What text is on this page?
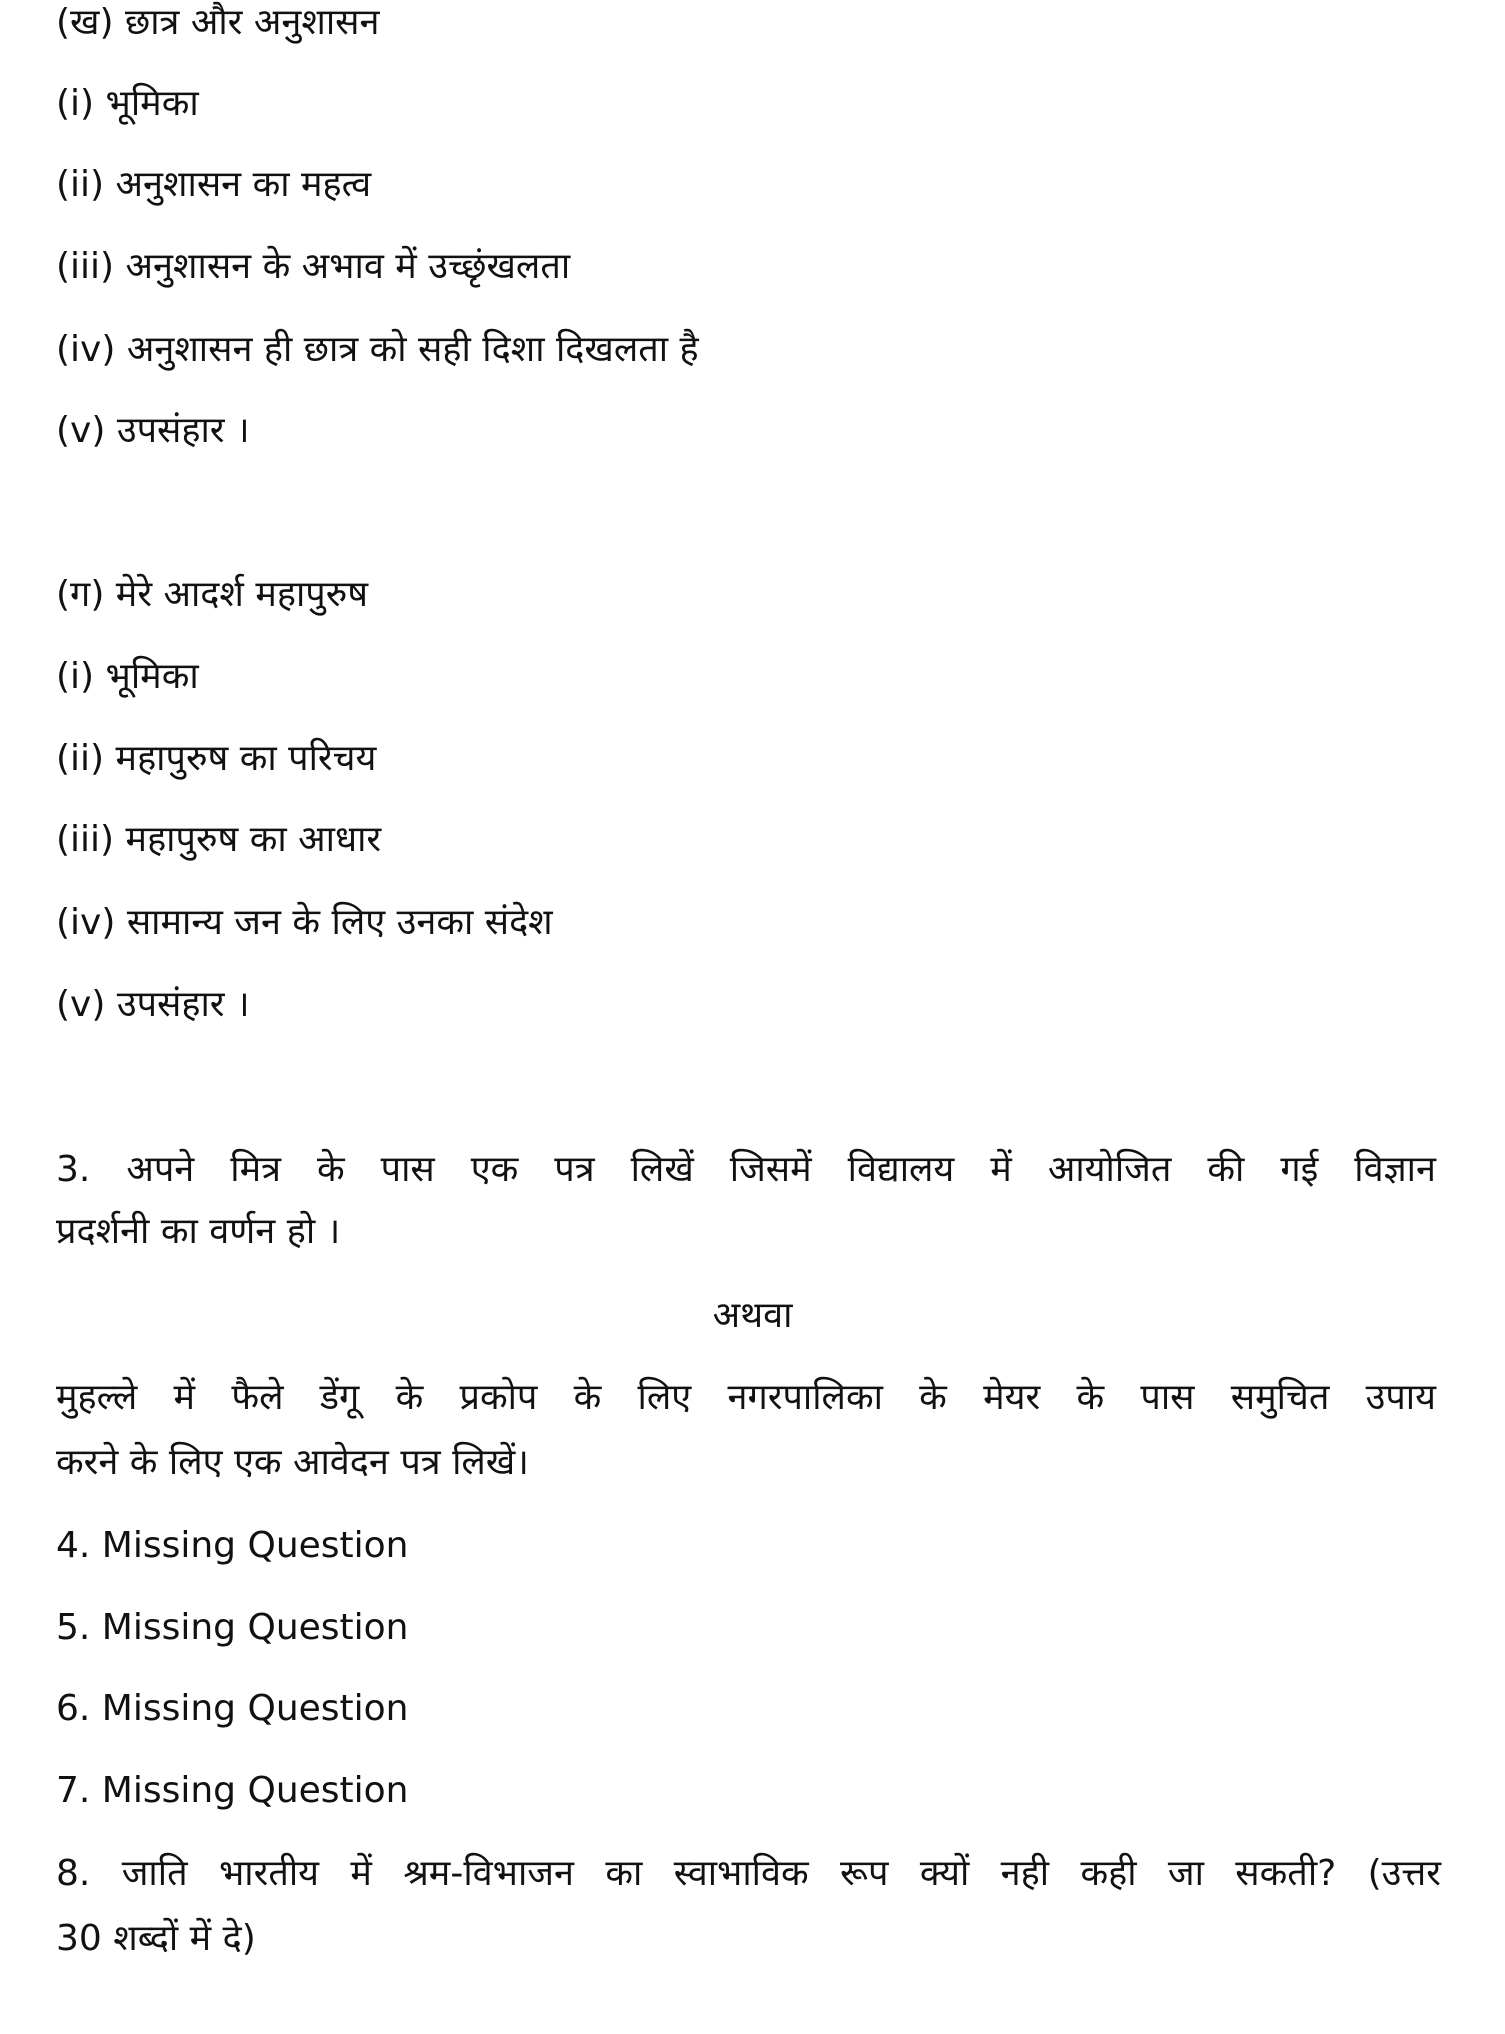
(ख) छात्र और अनुशासन
(i) भूमिका
(ii) अनुशासन का महत्व
(iii) अनुशासन के अभाव में उच्छृंखलता
(iv) अनुशासन ही छात्र को सही दिशा दिखलता है
(v) उपसंहार ।
(ग) मेरे आदर्श महापुरुष
(i) भूमिका
(ii) महापुरुष का परिचय
(iii) महापुरुष का आधार
(iv) सामान्य जन के लिए उनका संदेश
(v) उपसंहार ।
3. अपने मित्र के पास एक पत्र लिखें जिसमें विद्यालय में आयोजित की गई विज्ञान
प्रदर्शनी का वर्णन हो ।
अथवा
मुहल्ले में फैले डेंगू के प्रकोप के लिए नगरपालिका के मेयर के पास समुचित उपाय
करने के लिए एक आवेदन पत्र लिखें।
4. Missing Question
5. Missing Question
6. Missing Question
7. Missing Question
8. जाति भारतीय में श्रम-विभाजन का स्वाभाविक रूप क्यों नही कही जा सकती? (उत्तर
30 शब्दों में दे)
